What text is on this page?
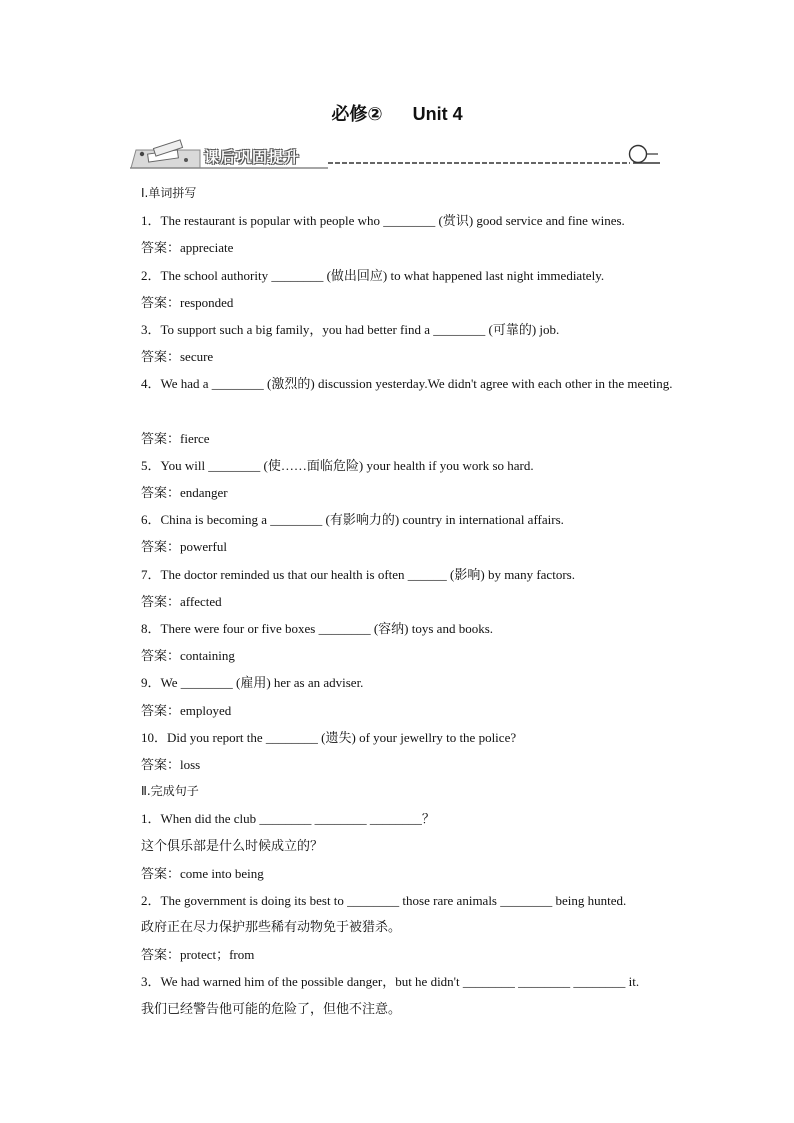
必修② Unit 4
课后巩固提升
Ⅰ.单词拼写
1．The restaurant is popular with people who ________ (赏识) good service and fine wines.
答案：appreciate
2．The school authority ________ (做出回应) to what happened last night immediately.
答案：responded
3．To support such a big family，you had better find a ________ (可靠的) job.
答案：secure
4．We had a ________ (激烈的) discussion yesterday.We didn't agree with each other in the meeting.
答案：fierce
5．You will ________ (使……面临危险) your health if you work so hard.
答案：endanger
6．China is becoming a ________ (有影响力的) country in international affairs.
答案：powerful
7．The doctor reminded us that our health is often ______ (影响) by many factors.
答案：affected
8．There were four or five boxes ________ (容纳) toys and books.
答案：containing
9．We ________ (雇用) her as an adviser.
答案：employed
10．Did you report the ________ (遗失) of your jewellry to the police?
答案：loss
Ⅱ.完成句子
1．When did the club ________ ________ ________？
这个俱乐部是什么时候成立的？
答案：come into being
2．The government is doing its best to ________ those rare animals ________ being hunted.
政府正在尽力保护那些稀有动物免于被猎杀。
答案：protect；from
3．We had warned him of the possible danger，but he didn't ________ ________ ________ it.
我们已经警告他可能的危险了，但他不注意。
